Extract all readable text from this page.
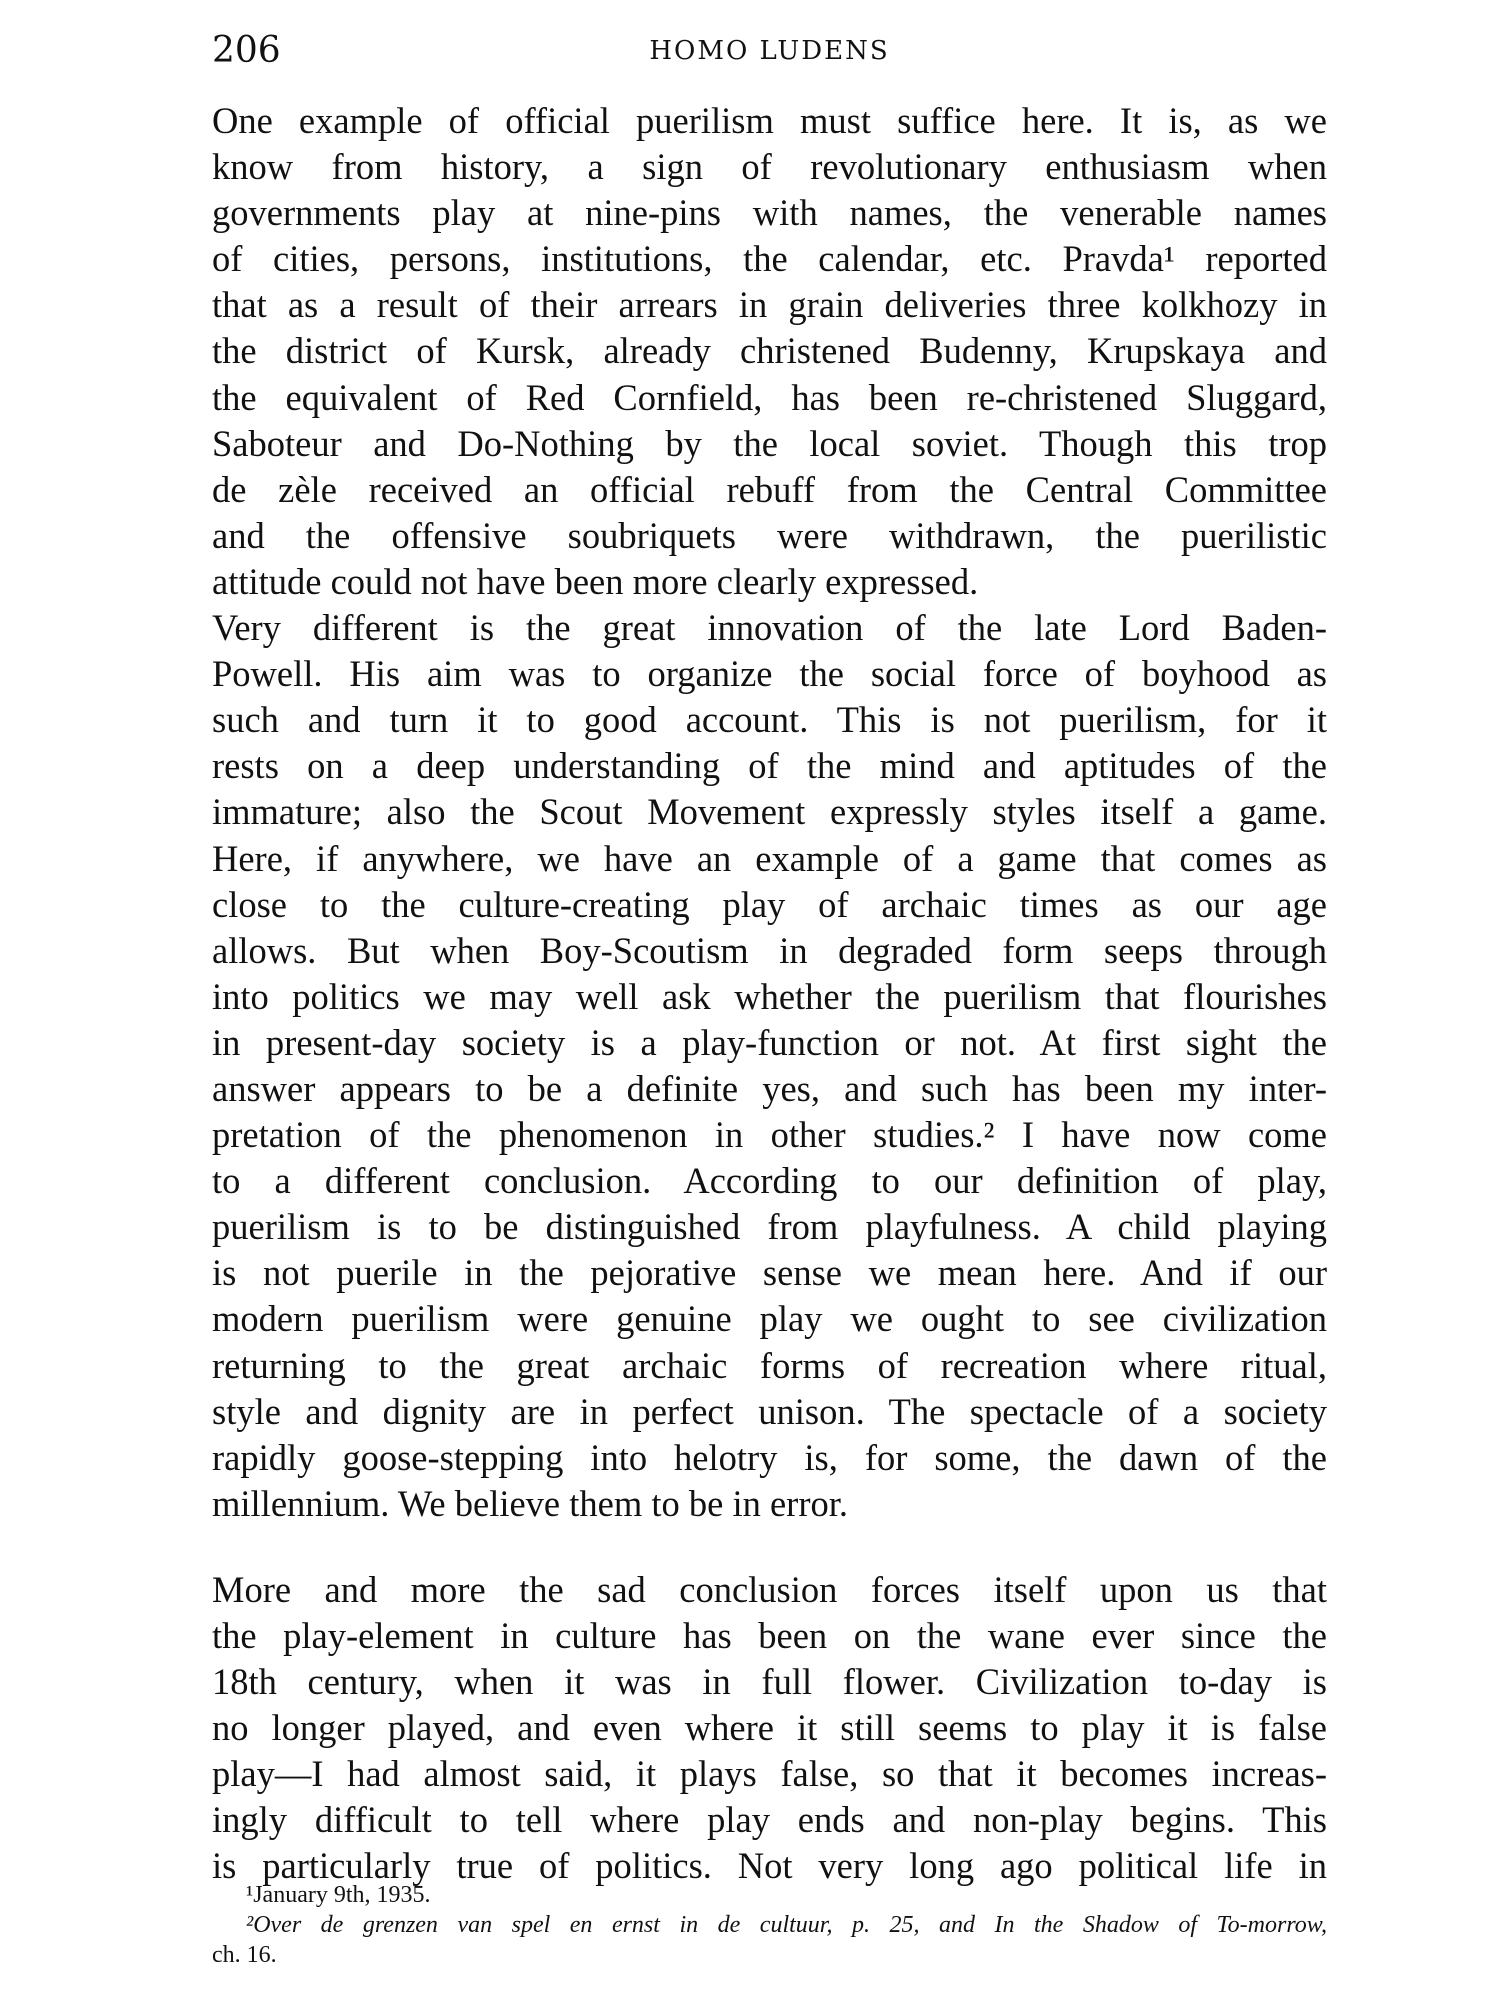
206	HOMO LUDENS
One example of official puerilism must suffice here. It is, as we
know from history, a sign of revolutionary enthusiasm when
governments play at nine-pins with names, the venerable names
of cities, persons, institutions, the calendar, etc. Pravda¹ reported
that as a result of their arrears in grain deliveries three kolkhozy in
the district of Kursk, already christened Budenny, Krupskaya and
the equivalent of Red Cornfield, has been re-christened Sluggard,
Saboteur and Do-Nothing by the local soviet. Though this trop
de zèle received an official rebuff from the Central Committee
and the offensive soubriquets were withdrawn, the puerilistic
attitude could not have been more clearly expressed.
Very different is the great innovation of the late Lord Baden-
Powell. His aim was to organize the social force of boyhood as
such and turn it to good account. This is not puerilism, for it
rests on a deep understanding of the mind and aptitudes of the
immature; also the Scout Movement expressly styles itself a game.
Here, if anywhere, we have an example of a game that comes as
close to the culture-creating play of archaic times as our age
allows. But when Boy-Scoutism in degraded form seeps through
into politics we may well ask whether the puerilism that flourishes
in present-day society is a play-function or not. At first sight the
answer appears to be a definite yes, and such has been my inter-
pretation of the phenomenon in other studies.² I have now come
to a different conclusion. According to our definition of play,
puerilism is to be distinguished from playfulness. A child playing
is not puerile in the pejorative sense we mean here. And if our
modern puerilism were genuine play we ought to see civilization
returning to the great archaic forms of recreation where ritual,
style and dignity are in perfect unison. The spectacle of a society
rapidly goose-stepping into helotry is, for some, the dawn of the
millennium. We believe them to be in error.
More and more the sad conclusion forces itself upon us that
the play-element in culture has been on the wane ever since the
18th century, when it was in full flower. Civilization to-day is
no longer played, and even where it still seems to play it is false
play—I had almost said, it plays false, so that it becomes increas-
ingly difficult to tell where play ends and non-play begins. This
is particularly true of politics. Not very long ago political life in
¹January 9th, 1935.
²Over de grenzen van spel en ernst in de cultuur, p. 25, and In the Shadow of To-morrow,
ch. 16.
